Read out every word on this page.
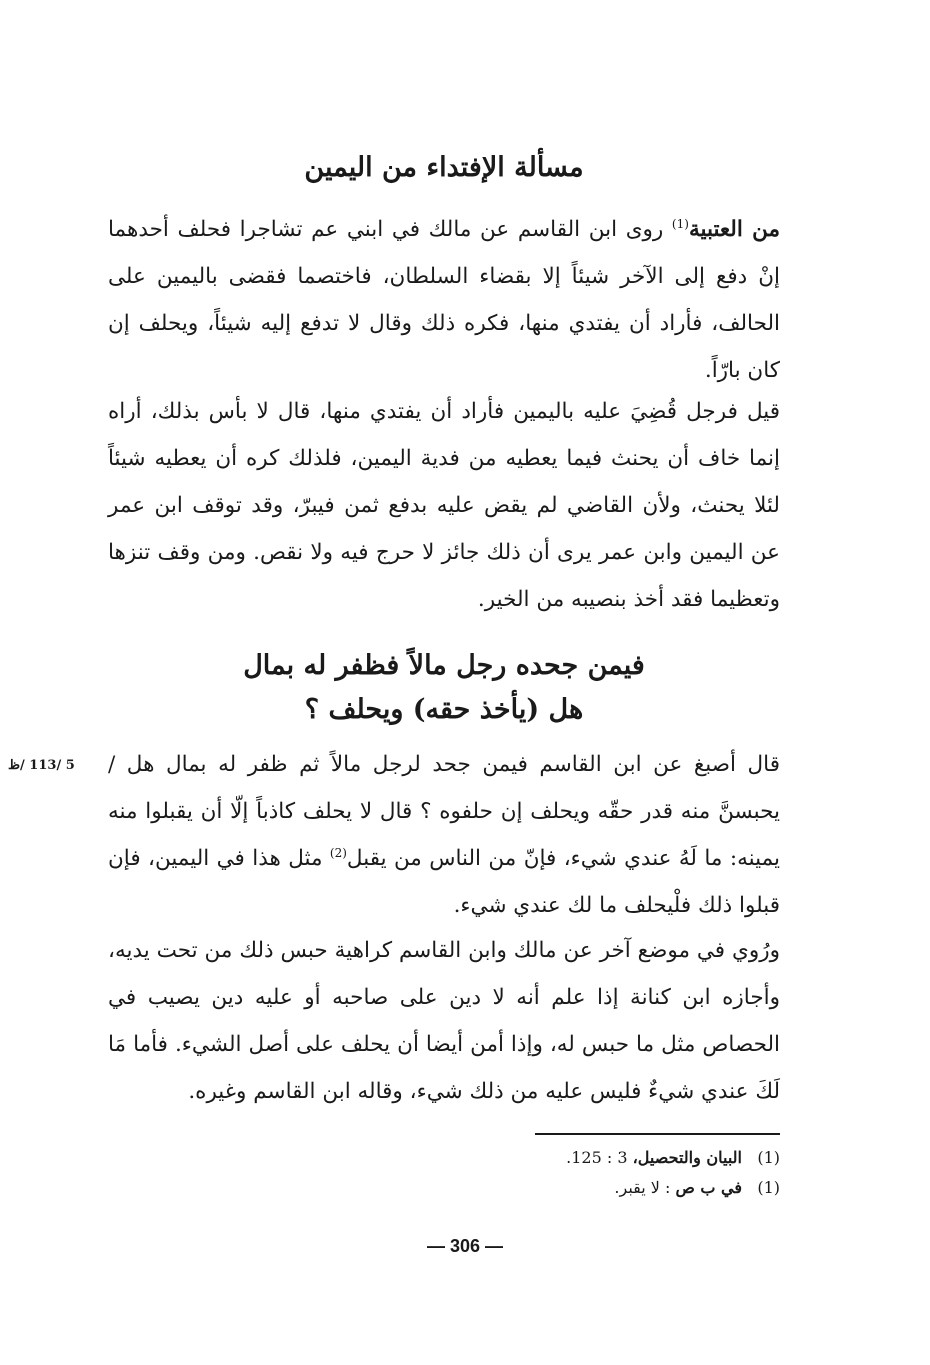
مسألة الإفتداء من اليمين

من العتبية$^{(1)}$ روى ابن القاسم عن مالك في ابني عم تشاجرا فحلف أحدهما إنْ دفع إلى الآخر شيئاً إلا بقضاء السلطان، فاختصما فقضى باليمين على الحالف، فأراد أن يفتدي منها، فكره ذلك وقال لا تدفع إليه شيئاً، ويحلف إن كان بارّاً.

قيل فرجل قُضِيَ عليه باليمين فأراد أن يفتدي منها، قال لا بأس بذلك، أراه إنما خاف أن يحنث فيما يعطيه من فدية اليمين، فلذلك كره أن يعطيه شيئاً لئلا يحنث، ولأن القاضي لم يقض عليه بدفع ثمن فيبرّ، وقد توقف ابن عمر عن اليمين وابن عمر يرى أن ذلك جائز لا حرج فيه ولا نقص. ومن وقف تنزها وتعظيما فقد أخذ بنصيبه من الخير.

فيمن جحده رجل مالاً فظفر له بمال
هل (يأخذ حقه) ويحلف ؟
5 /113 /ظ	قال أصبغ عن ابن القاسم فيمن جحد لرجل مالاً ثم ظفر له بمال هل / يحبسنَّ منه قدر حقّه ويحلف إن حلفوه ؟ قال لا يحلف كاذباً إلّا أن يقبلوا منه يمينه: ما لَهُ عندي شيء، فإنّ من الناس من يقبل$^{(2)}$ مثل هذا في اليمين، فإن قبلوا ذلك فلْيحلف ما لك عندي شيء.

ورُوي في موضع آخر عن مالك وابن القاسم كراهية حبس ذلك من تحت يديه، وأجازه ابن كنانة إذا علم أنه لا دين على صاحبه أو عليه دين يصيب في الحصاص مثل ما حبس له، وإذا أمن أيضا أن يحلف على أصل الشيء. فأما مَا لَكَ عندي شيءٌ فليس عليه من ذلك شيء، وقاله ابن القاسم وغيره.

(1)البيان والتحصيل، 3 : 125.
(1)في ب ص : لا يقبر.
— 306 —
